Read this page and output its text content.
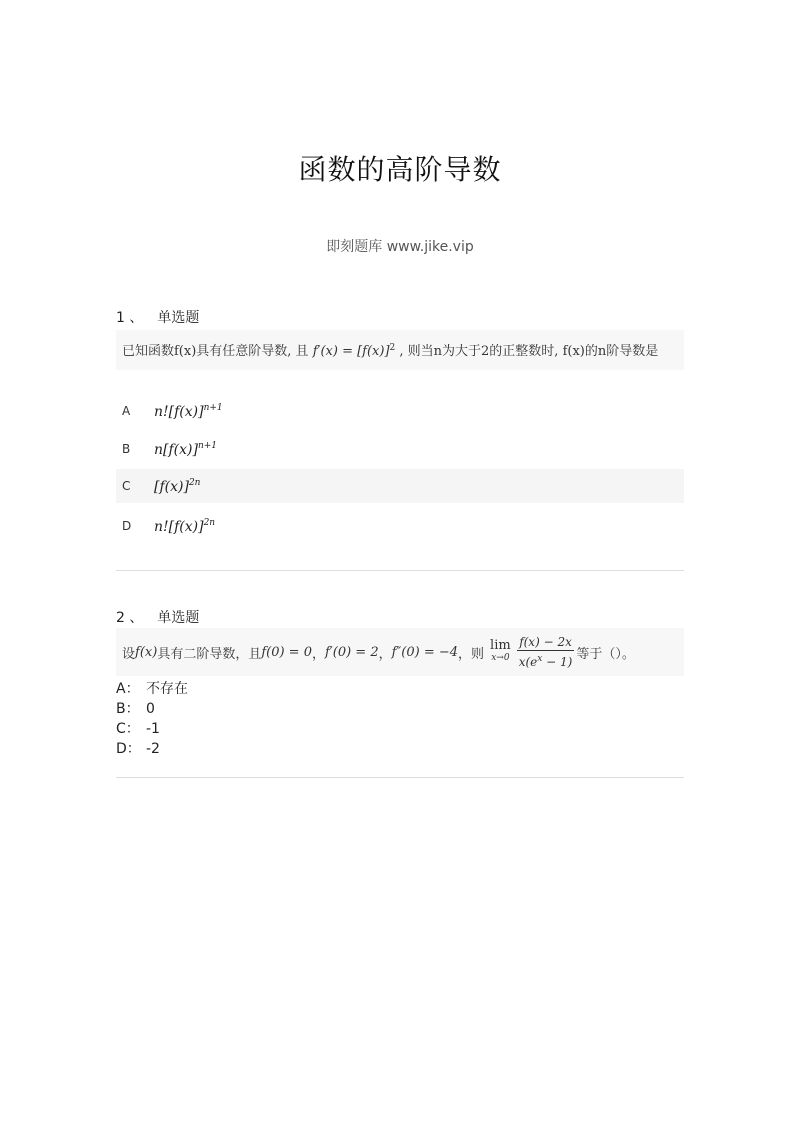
函数的高阶导数
即刻题库 www.jike.vip
1 、 单选题
已知函数f(x)具有任意阶导数, 且 $f'(x) = [f(x)]^2$ , 则当n为大于2的正整数时, f(x)的n阶导数是
A	$n![f(x)]^{n+1}$
B	$n[f(x)]^{n+1}$
C	$[f(x)]^{2n}$
D	$n![f(x)]^{2n}$
2 、 单选题
设 f(x) 具有二阶导数，且 f(0) = 0 ， f′(0) = 2 ， f″(0) = −4 ，则
lim
$x\to 0 \frac{f(x) - 2x}{x(e^x - 1)}$ 等于（）。
A： 不存在
B： 0
C： -1
D： -2
